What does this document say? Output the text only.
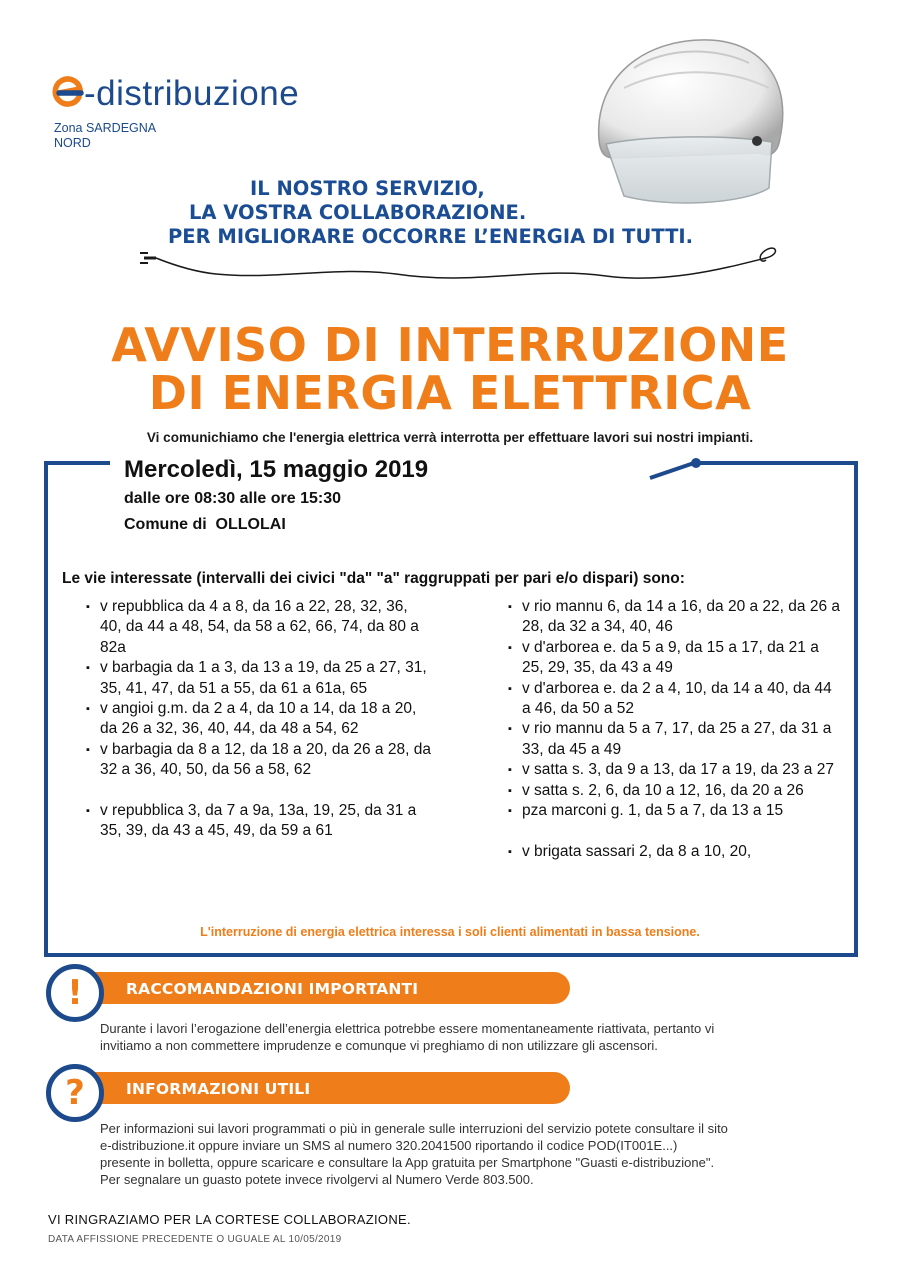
-distribuzione
Zona SARDEGNA NORD
IL NOSTRO SERVIZIO,
LA VOSTRA COLLABORAZIONE.
PER MIGLIORARE OCCORRE L’ENERGIA DI TUTTI.
AVVISO DI INTERRUZIONE
DI ENERGIA ELETTRICA
Vi comunichiamo che l'energia elettrica verrà interrotta per effettuare lavori sui nostri impianti.
Mercoledì, 15 maggio 2019
dalle ore 08:30 alle ore 15:30
Comune di  OLLOLAI
Le vie interessate (intervalli dei civici "da" "a" raggruppati per pari e/o dispari) sono:
▪ v repubblica da 4 a 8, da 16 a 22, 28, 32, 36, 40, da 44 a 48, 54, da 58 a 62, 66, 74, da 80 a 82a
▪ v barbagia da 1 a 3, da 13 a 19, da 25 a 27, 31, 35, 41, 47, da 51 a 55, da 61 a 61a, 65
▪ v angioi g.m. da 2 a 4, da 10 a 14, da 18 a 20, da 26 a 32, 36, 40, 44, da 48 a 54, 62
▪ v barbagia da 8 a 12, da 18 a 20, da 26 a 28, da 32 a 36, 40, 50, da 56 a 58, 62
▪ v repubblica 3, da 7 a 9a, 13a, 19, 25, da 31 a 35, 39, da 43 a 45, 49, da 59 a 61
▪ v rio mannu 6, da 14 a 16, da 20 a 22, da 26 a 28, da 32 a 34, 40, 46
▪ v d'arborea e. da 5 a 9, da 15 a 17, da 21 a 25, 29, 35, da 43 a 49
▪ v d'arborea e. da 2 a 4, 10, da 14 a 40, da 44 a 46, da 50 a 52
▪ v rio mannu da 5 a 7, 17, da 25 a 27, da 31 a 33, da 45 a 49
▪ v satta s. 3, da 9 a 13, da 17 a 19, da 23 a 27
▪ v satta s. 2, 6, da 10 a 12, 16, da 20 a 26
▪ pza marconi g. 1, da 5 a 7, da 13 a 15
▪ v brigata sassari 2, da 8 a 10, 20,
L'interruzione di energia elettrica interessa i soli clienti alimentati in bassa tensione.
RACCOMANDAZIONI IMPORTANTI
!

Durante i lavori l’erogazione dell’energia elettrica potrebbe essere momentaneamente riattivata, pertanto vi

invitiamo a non commettere imprudenze e comunque vi preghiamo di non utilizzare gli ascensori.

INFORMAZIONI UTILI
?

Per informazioni sui lavori programmati o più in generale sulle interruzioni del servizio potete consultare il sito

e-distribuzione.it oppure inviare un SMS al numero 320.2041500 riportando il codice POD(IT001E...)

presente in bolletta, oppure scaricare e consultare la App gratuita per Smartphone "Guasti e-distribuzione".

Per segnalare un guasto potete invece rivolgervi al Numero Verde 803.500.

VI RINGRAZIAMO PER LA CORTESE COLLABORAZIONE.
DATA AFFISSIONE PRECEDENTE O UGUALE AL 10/05/2019
